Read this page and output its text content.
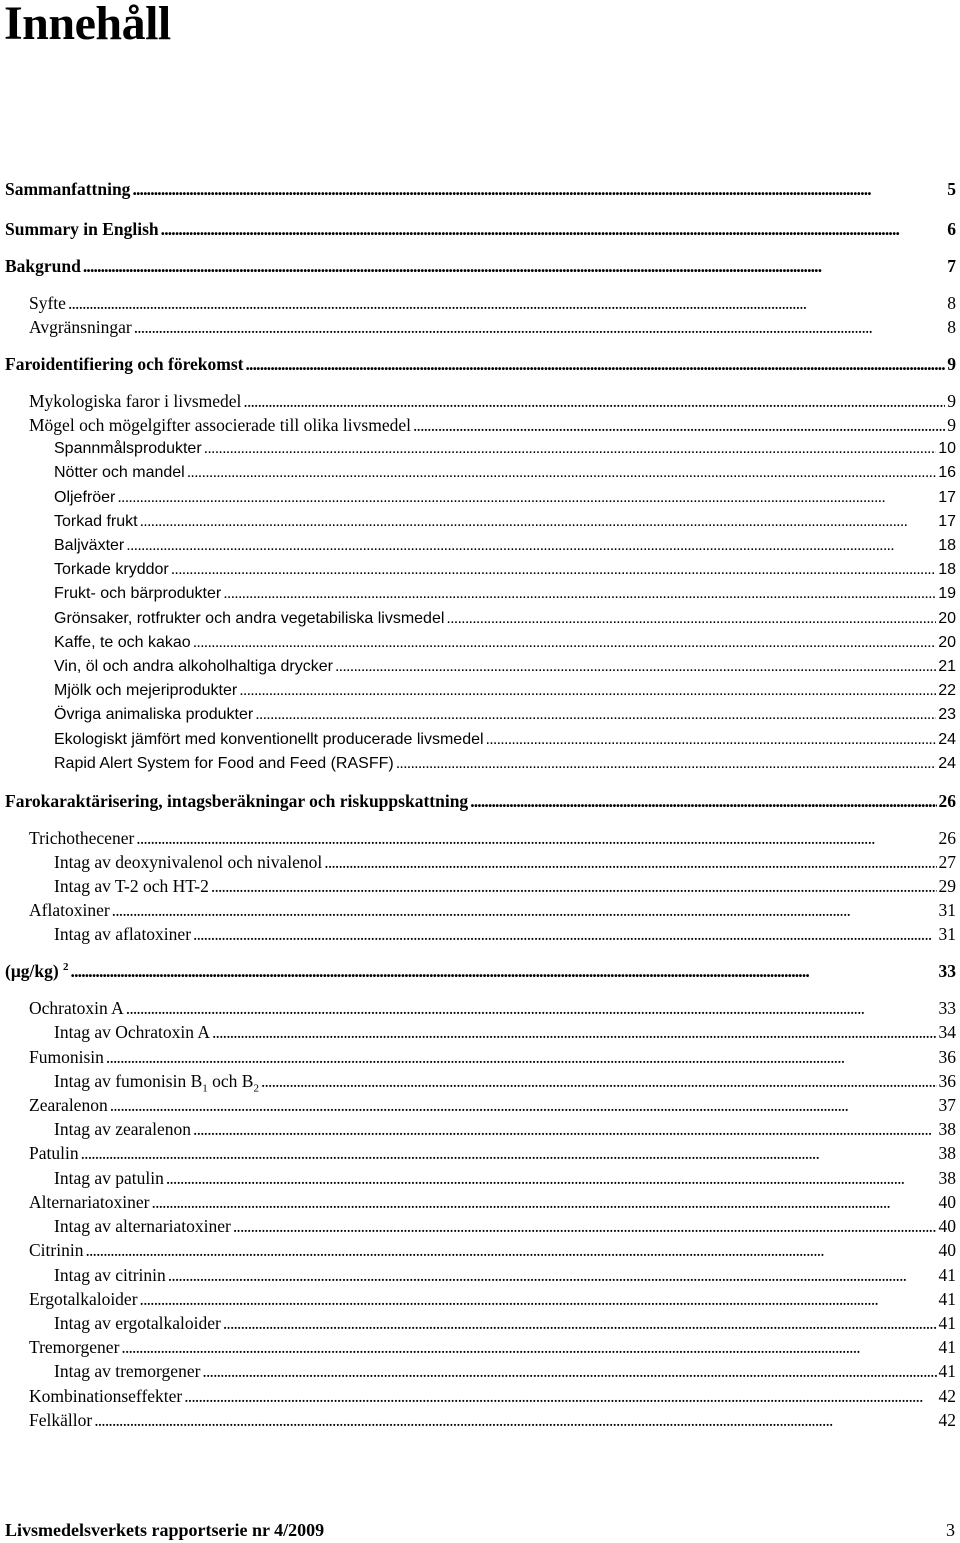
Innehåll
Sammanfattning . . .	5
Summary in English . . .	6
Bakgrund . . .	7
Syfte . . .	8
Avgränsningar . . .	8
Faroidentifiering och förekomst . . .	9
Mykologiska faror i livsmedel . . .	9
Mögel och mögelgifter associerade till olika livsmedel . . .	9
Spannmålsprodukter . . .	10
Nötter och mandel . . .	16
Oljefröer . . .	17
Torkad frukt . . .	17
Baljväxter . . .	18
Torkade kryddor . . .	18
Frukt- och bärprodukter . . .	19
Grönsaker, rotfrukter och andra vegetabiliska livsmedel . . .	20
Kaffe, te och kakao . . .	20
Vin, öl och andra alkoholhaltiga drycker . . .	21
Mjölk och mejeriprodukter . . .	22
Övriga animaliska produkter . . .	23
Ekologiskt jämfört med konventionellt producerade livsmedel . . .	24
Rapid Alert System for Food and Feed (RASFF) . . .	24
Farokaraktärisering, intagsberäkningar och riskuppskattning . . .	26
Trichothecener . . .	26
Intag av deoxynivalenol och nivalenol . . .	27
Intag av T-2 och HT-2 . . .	29
Aflatoxiner . . .	31
Intag av aflatoxiner . . .	31
(μg/kg) $^2$ . . .	33
Ochratoxin A . . .	33
Intag av Ochratoxin A . . .	34
Fumonisin . . .	36
Intag av fumonisin $B_1$ och $B_2$ . . .	36
Zearalenon . . .	37
Intag av zearalenon . . .	38
Patulin . . .	38
Intag av patulin . . .	38
Alternariatoxiner . . .	40
Intag av alternariatoxiner . . .	40
Citrinin . . .	40
Intag av citrinin . . .	41
Ergotalkaloider . . .	41
Intag av ergotalkaloider . . .	41
Tremorgener . . .	41
Intag av tremorgener . . .	41
Kombinationseffekter . . .	42
Felkällor . . .	42
Livsmedelsverkets rapportserie nr 4/2009	3
